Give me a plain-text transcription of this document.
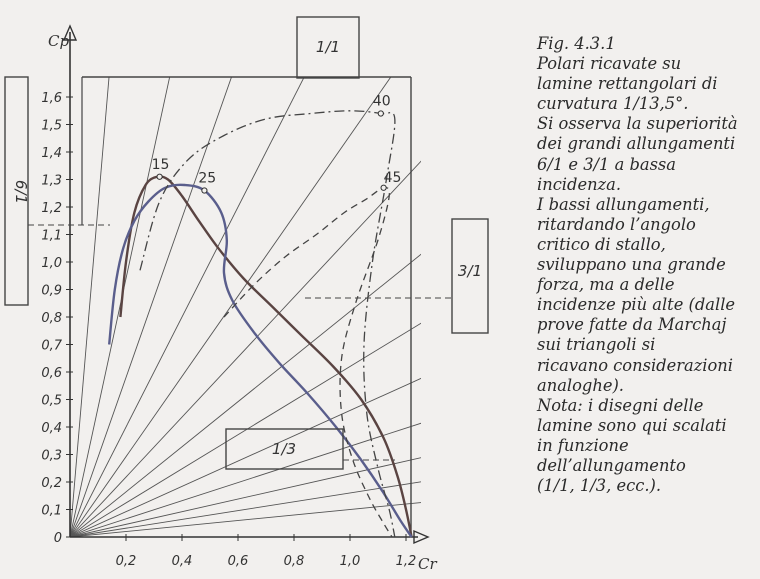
0
0,1
0,2
0,3
0,4
0,5
0,6
0,7
0,8
0,9
1,0
1,1
1,2
1,3
1,4
1,5
1,6
0,2	0,4	0,6	0,8	1,0	1,2
15
25
40
45
Cp
Cr
1/1
6/1
3/1
1/3
Fig. 4.3.1
Polari ricavate su
lamine rettangolari di
curvatura 1/13,5°.
Si osserva la superiorità
dei grandi allungamenti
6/1 e 3/1 a bassa
incidenza.
I bassi allungamenti,
ritardando l’angolo
critico di stallo,
sviluppano una grande
forza, ma a delle
incidenze più alte (dalle
prove fatte da Marchaj
sui triangoli si
ricavano considerazioni
analoghe).
Nota: i disegni delle
lamine sono qui scalati
in funzione
dell’allungamento
(1/1, 1/3, ecc.).
